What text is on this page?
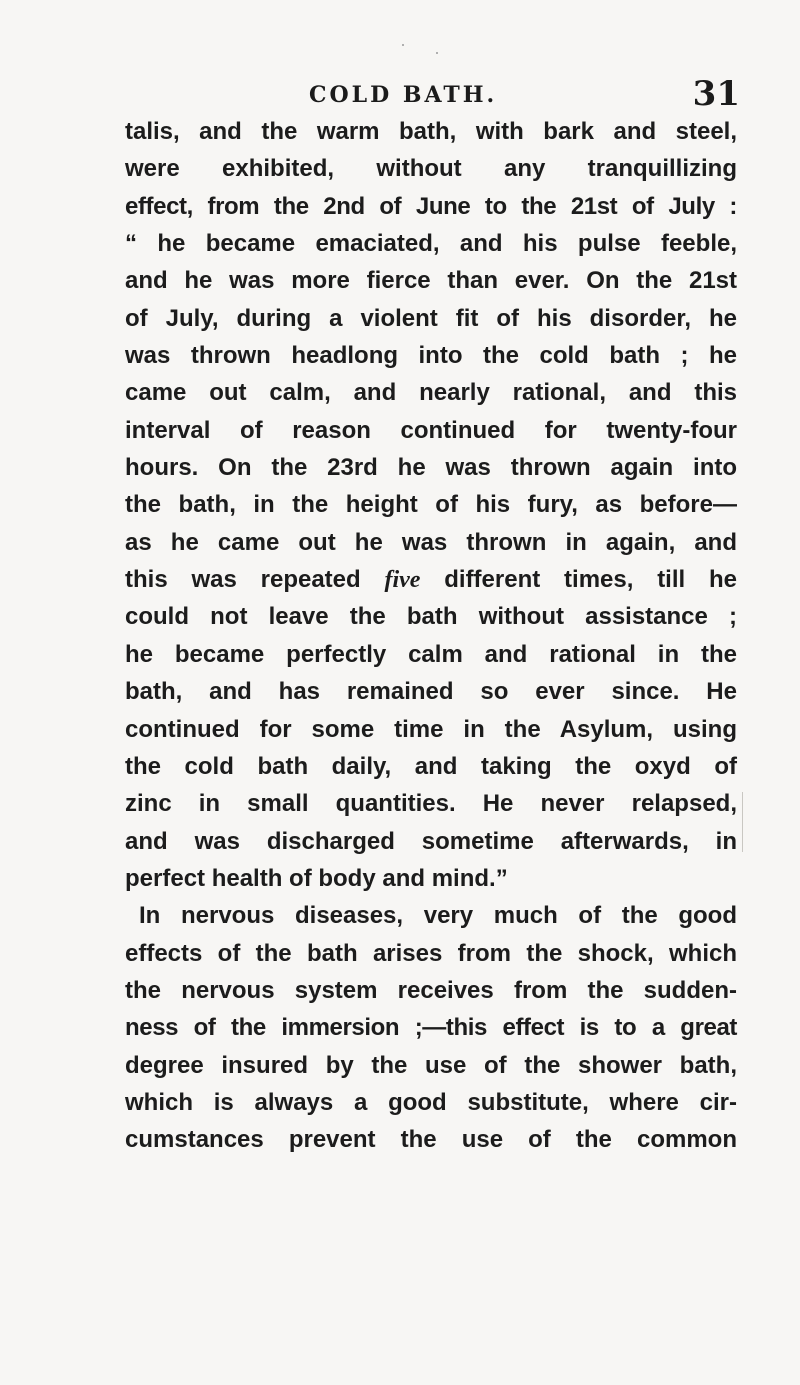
COLD BATH.	31
talis, and the warm bath, with bark and steel,
were exhibited, without any tranquillizing
effect, from the 2nd of June to the 21st of July :
“ he became emaciated, and his pulse feeble,
and he was more fierce than ever. On the 21st
of July, during a violent fit of his disorder, he
was thrown headlong into the cold bath ; he
came out calm, and nearly rational, and this
interval of reason continued for twenty-four
hours. On the 23rd he was thrown again into
the bath, in the height of his fury, as before—
as he came out he was thrown in again, and
this was repeated five different times, till he
could not leave the bath without assistance ;
he became perfectly calm and rational in the
bath, and has remained so ever since. He
continued for some time in the Asylum, using
the cold bath daily, and taking the oxyd of
zinc in small quantities. He never relapsed,
and was discharged sometime afterwards, in
perfect health of body and mind.”
In nervous diseases, very much of the good
effects of the bath arises from the shock, which
the nervous system receives from the sudden-
ness of the immersion ;—this effect is to a great
degree insured by the use of the shower bath,
which is always a good substitute, where cir-
cumstances prevent the use of the common
